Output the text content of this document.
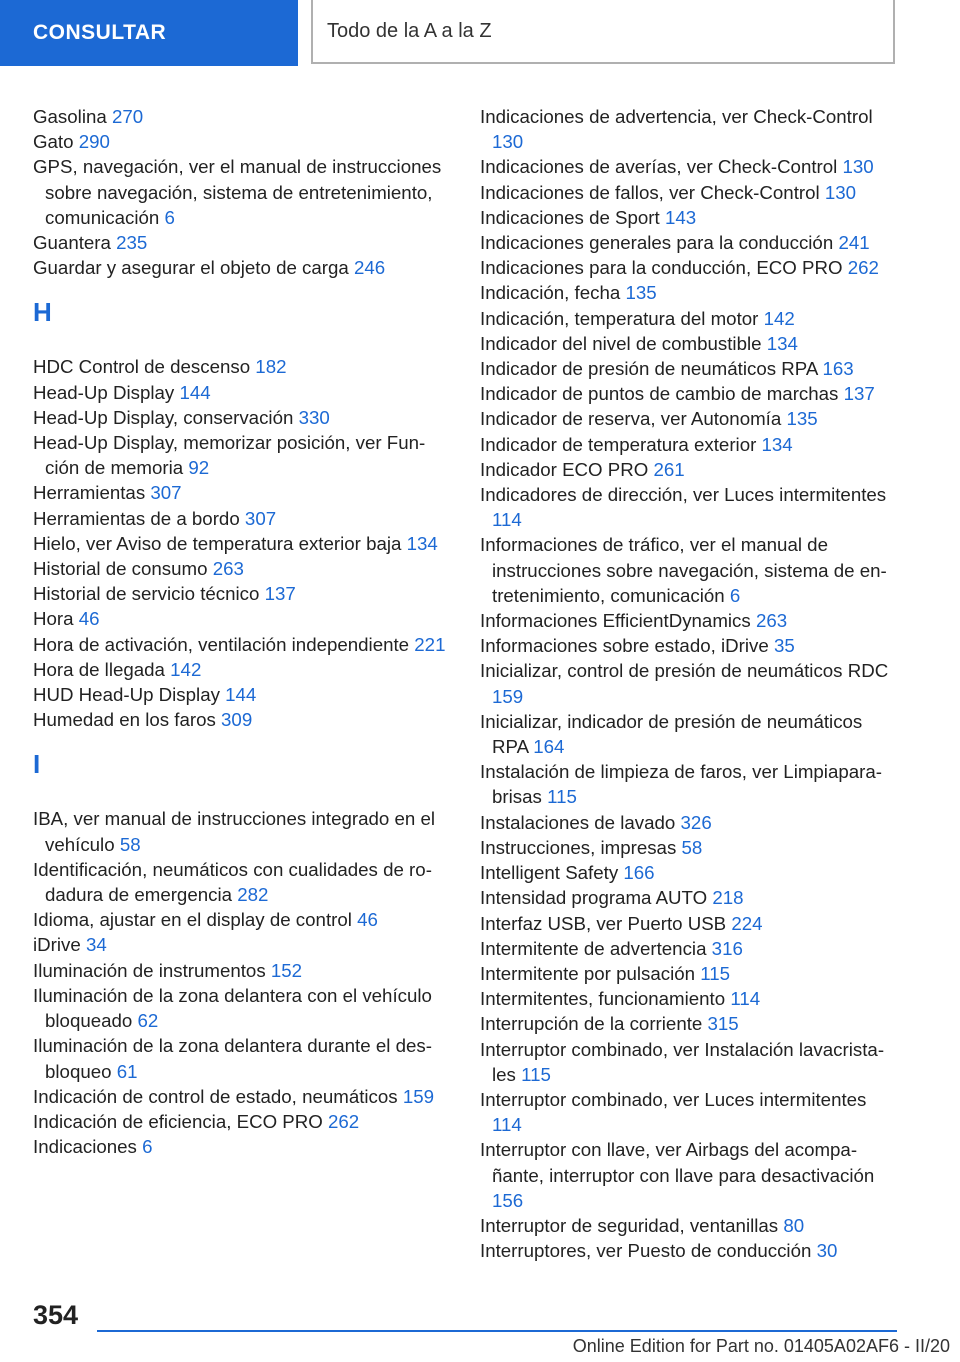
CONSULTAR	Todo de la A a la Z
Gasolina 270
Gato 290
GPS, navegación, ver el manual de instrucciones sobre navegación, sistema de entretenimiento, comunicación 6
Guantera 235
Guardar y asegurar el objeto de carga 246
H
HDC Control de descenso 182
Head-Up Display 144
Head-Up Display, conservación 330
Head-Up Display, memorizar posición, ver Función de memoria 92
Herramientas 307
Herramientas de a bordo 307
Hielo, ver Aviso de temperatura exterior baja 134
Historial de consumo 263
Historial de servicio técnico 137
Hora 46
Hora de activación, ventilación independiente 221
Hora de llegada 142
HUD Head-Up Display 144
Humedad en los faros 309
I
IBA, ver manual de instrucciones integrado en el vehículo 58
Identificación, neumáticos con cualidades de rodadura de emergencia 282
Idioma, ajustar en el display de control 46
iDrive 34
Iluminación de instrumentos 152
Iluminación de la zona delantera con el vehículo bloqueado 62
Iluminación de la zona delantera durante el desbloqueo 61
Indicación de control de estado, neumáticos 159
Indicación de eficiencia, ECO PRO 262
Indicaciones 6
Indicaciones de advertencia, ver Check-Control 130
Indicaciones de averías, ver Check-Control 130
Indicaciones de fallos, ver Check-Control 130
Indicaciones de Sport 143
Indicaciones generales para la conducción 241
Indicaciones para la conducción, ECO PRO 262
Indicación, fecha 135
Indicación, temperatura del motor 142
Indicador del nivel de combustible 134
Indicador de presión de neumáticos RPA 163
Indicador de puntos de cambio de marchas 137
Indicador de reserva, ver Autonomía 135
Indicador de temperatura exterior 134
Indicador ECO PRO 261
Indicadores de dirección, ver Luces intermitentes 114
Informaciones de tráfico, ver el manual de instrucciones sobre navegación, sistema de entretenimiento, comunicación 6
Informaciones EfficientDynamics 263
Informaciones sobre estado, iDrive 35
Inicializar, control de presión de neumáticos RDC 159
Inicializar, indicador de presión de neumáticos RPA 164
Instalación de limpieza de faros, ver Limpiaparabrisas 115
Instalaciones de lavado 326
Instrucciones, impresas 58
Intelligent Safety 166
Intensidad programa AUTO 218
Interfaz USB, ver Puerto USB 224
Intermitente de advertencia 316
Intermitente por pulsación 115
Intermitentes, funcionamiento 114
Interrupción de la corriente 315
Interruptor combinado, ver Instalación lavacristales 115
Interruptor combinado, ver Luces intermitentes 114
Interruptor con llave, ver Airbags del acompañante, interruptor con llave para desactivación 156
Interruptor de seguridad, ventanillas 80
Interruptores, ver Puesto de conducción 30
354
Online Edition for Part no. 01405A02AF6 - II/20
